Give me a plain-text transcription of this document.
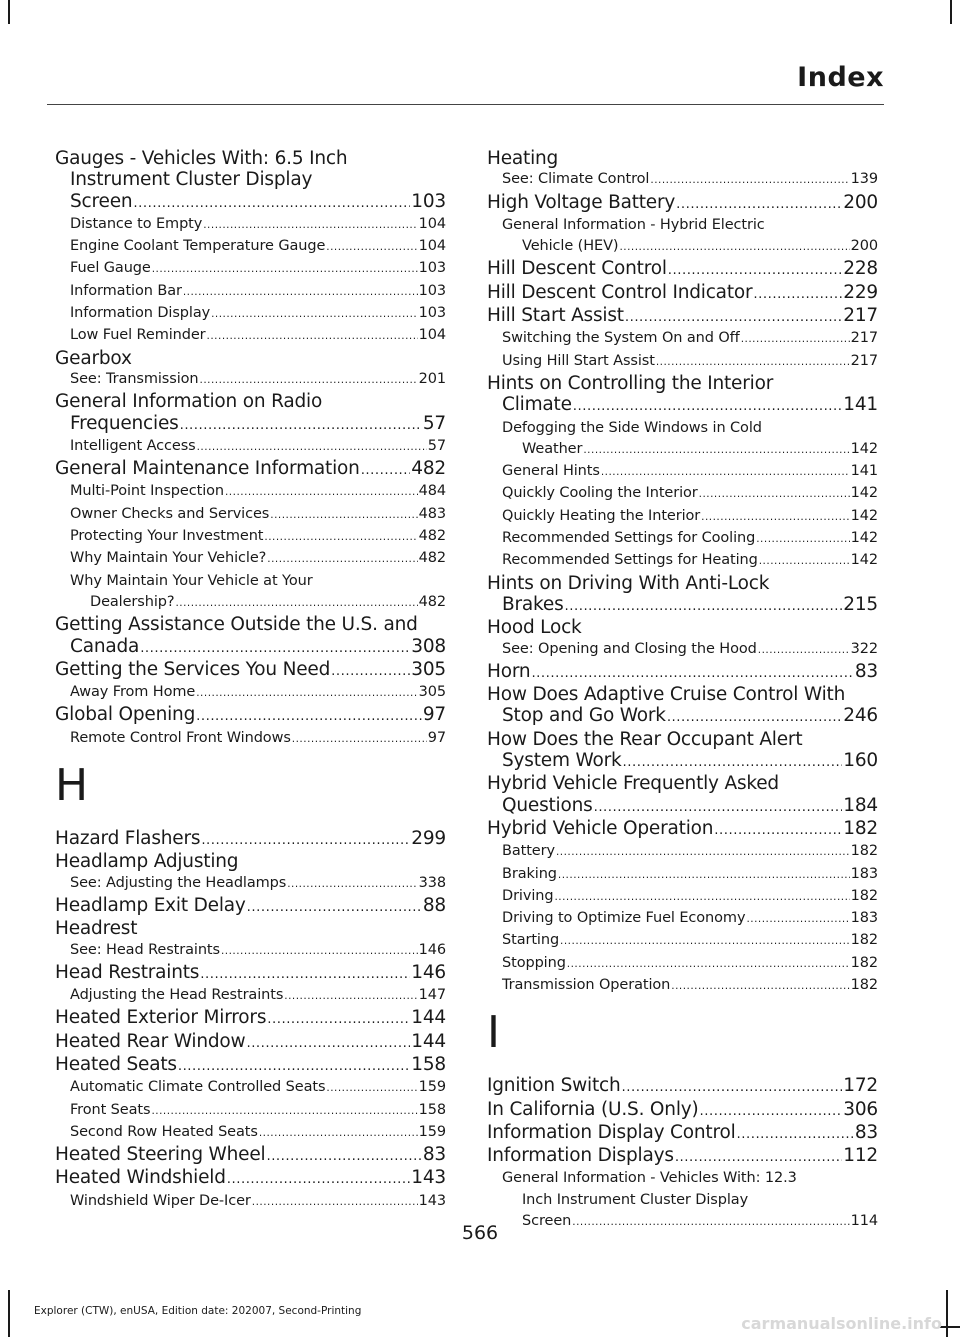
Index
Gauges - Vehicles With: 6.5 Inch
Instrument Cluster Display
Screen .....	103
Distance to Empty .....	104
Engine Coolant Temperature Gauge .....	104
Fuel Gauge .....	103
Information Bar .....	103
Information Display .....	103
Low Fuel Reminder .....	104
Gearbox
See: Transmission .....	201
General Information on Radio
Frequencies .....	57
Intelligent Access .....	57
General Maintenance Information .....	482
Multi-Point Inspection .....	484
Owner Checks and Services .....	483
Protecting Your Investment .....	482
Why Maintain Your Vehicle? .....	482
Why Maintain Your Vehicle at Your
Dealership? .....	482
Getting Assistance Outside the U.S. and
Canada .....	308
Getting the Services You Need .....	305
Away From Home .....	305
Global Opening .....	97
Remote Control Front Windows .....	97
H
Hazard Flashers .....	299
Headlamp Adjusting
See: Adjusting the Headlamps .....	338
Headlamp Exit Delay .....	88
Headrest
See: Head Restraints .....	146
Head Restraints .....	146
Adjusting the Head Restraints .....	147
Heated Exterior Mirrors .....	144
Heated Rear Window .....	144
Heated Seats .....	158
Automatic Climate Controlled Seats .....	159
Front Seats .....	158
Second Row Heated Seats .....	159
Heated Steering Wheel .....	83
Heated Windshield .....	143
Windshield Wiper De-Icer .....	143
Heating
See: Climate Control .....	139
High Voltage Battery .....	200
General Information - Hybrid Electric
Vehicle (HEV) .....	200
Hill Descent Control .....	228
Hill Descent Control Indicator .....	229
Hill Start Assist .....	217
Switching the System On and Off .....	217
Using Hill Start Assist .....	217
Hints on Controlling the Interior
Climate .....	141
Defogging the Side Windows in Cold
Weather .....	142
General Hints .....	141
Quickly Cooling the Interior .....	142
Quickly Heating the Interior .....	142
Recommended Settings for Cooling .....	142
Recommended Settings for Heating .....	142
Hints on Driving With Anti-Lock
Brakes .....	215
Hood Lock
See: Opening and Closing the Hood .....	322
Horn .....	83
How Does Adaptive Cruise Control With
Stop and Go Work .....	246
How Does the Rear Occupant Alert
System Work .....	160
Hybrid Vehicle Frequently Asked
Questions .....	184
Hybrid Vehicle Operation .....	182
Battery .....	182
Braking .....	183
Driving .....	182
Driving to Optimize Fuel Economy .....	183
Starting .....	182
Stopping .....	182
Transmission Operation .....	182
I
Ignition Switch .....	172
In California (U.S. Only) .....	306
Information Display Control .....	83
Information Displays .....	112
General Information - Vehicles With: 12.3
Inch Instrument Cluster Display
Screen .....	114
566
Explorer (CTW), enUSA, Edition date: 202007, Second-Printing
carmanualsonline.info
